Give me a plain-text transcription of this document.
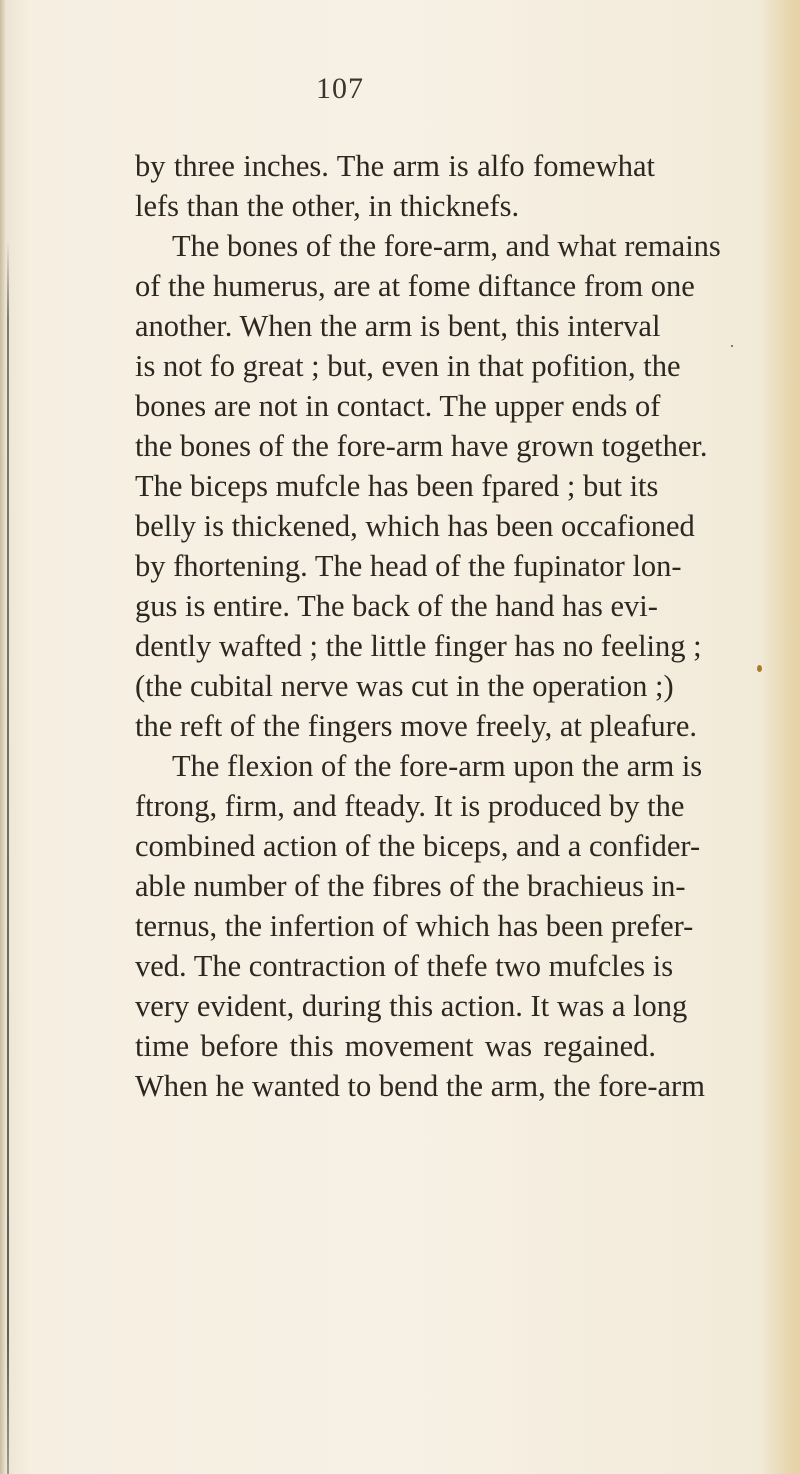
107
by three inches. The arm is alfo fomewhat
lefs than the other, in thicknefs.
The bones of the fore-arm, and what remains
of the humerus, are at fome diftance from one
another. When the arm is bent, this interval
is not fo great ; but, even in that pofition, the
bones are not in contact. The upper ends of
the bones of the fore-arm have grown together.
The biceps mufcle has been fpared ; but its
belly is thickened, which has been occafioned
by fhortening. The head of the fupinator lon-
gus is entire. The back of the hand has evi-
dently wafted ; the little finger has no feeling ;
(the cubital nerve was cut in the operation ;)
the reft of the fingers move freely, at pleafure.
The flexion of the fore-arm upon the arm is
ftrong, firm, and fteady. It is produced by the
combined action of the biceps, and a confider-
able number of the fibres of the brachieus in-
ternus, the infertion of which has been prefer-
ved. The contraction of thefe two mufcles is
very evident, during this action. It was a long
time before this movement was regained.
When he wanted to bend the arm, the fore-arm
